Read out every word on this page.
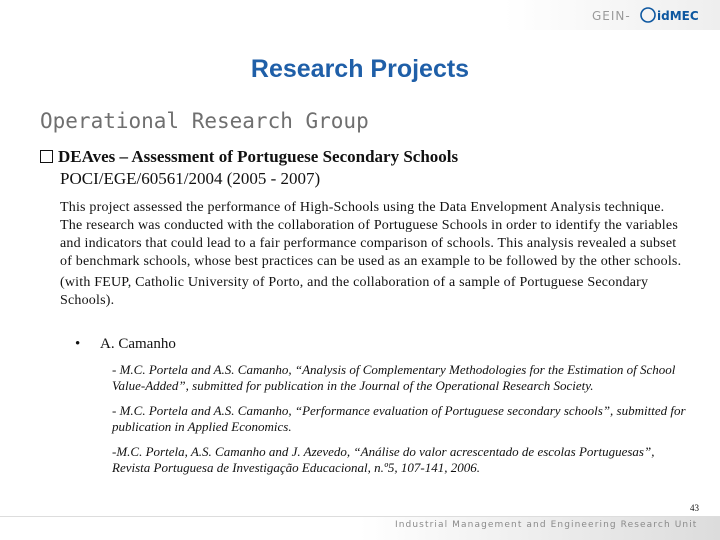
GEIN- idMEC
Research Projects
Operational Research Group
DEAves – Assessment of Portuguese Secondary Schools
POCI/EGE/60561/2004 (2005 - 2007)
This project assessed the performance of High-Schools using the Data Envelopment Analysis technique. The research was conducted with the collaboration of Portuguese Schools in order to identify the variables and indicators that could lead to a fair performance comparison of schools. This analysis revealed a subset of benchmark schools, whose best practices can be used as an example to be followed by the other schools.
(with FEUP, Catholic University of Porto, and the collaboration of a sample of Portuguese Secondary Schools).
• A. Camanho

- M.C. Portela and A.S. Camanho, “Analysis of Complementary Methodologies for the Estimation of School Value-Added”, submitted for publication in the Journal of the Operational Research Society.

- M.C. Portela and A.S. Camanho, “Performance evaluation of Portuguese secondary schools”, submitted for publication in Applied Economics.

-M.C. Portela, A.S. Camanho and J. Azevedo, “Análise do valor acrescentado de escolas Portuguesas”, Revista Portuguesa de Investigação Educacional, n.º5, 107-141, 2006.

43
Industrial Management and Engineering Research Unit
